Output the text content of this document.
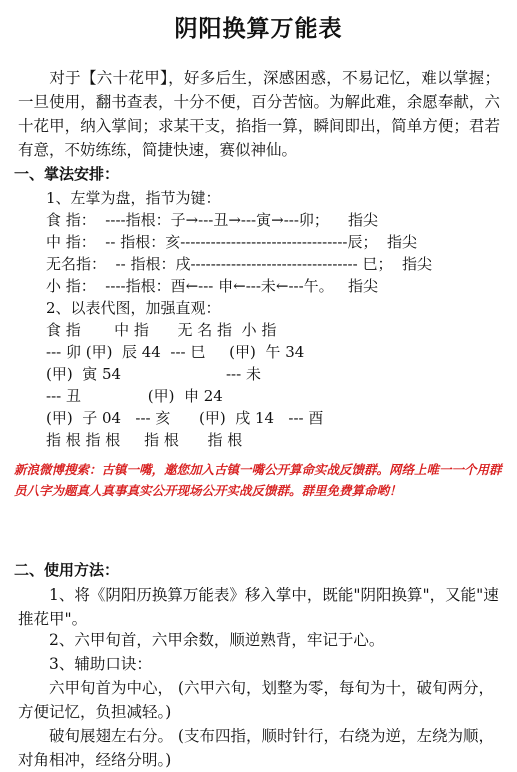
阴阳换算万能表
对于【六十花甲】，好多后生，深感困惑，不易记忆，难以掌握；一旦使用，翻书查表，十分不便，百分苦恼。为解此难，余愿奉献，六十花甲，纳入掌间；求某干支，掐指一算，瞬间即出，简单方便；君若有意，不妨练练，简捷快速，赛似神仙。
一、掌法安排：
1、左掌为盘，指节为键：
食 指：  ----指根：子→---丑→---寅→---卯；    指尖
中 指：  -- 指根：亥---------------------------------辰；  指尖
无名指：  -- 指根：戌--------------------------------- 巳；  指尖
小 指：  ----指根：酉←--- 申←---未←---午。   指尖
2、以表代图，加强直观：
食 指       中 指      无 名 指  小 指
--- 卯 (甲)  辰 44  --- 巳     (甲)  午 34
(甲)  寅 54                      --- 未
--- 丑              (甲)  申 24
(甲)  子 04   --- 亥      (甲)  戌 14   --- 酉
指 根 指 根     指 根      指 根
新浪微博搜索：古镇一嘴，邀您加入古镇一嘴公开算命实战反馈群。网络上唯一一个用群员八字为题真人真事真实公开现场公开实战反馈群。群里免费算命哟！
二、使用方法：
1、将《阴阳历换算万能表》移入掌中，既能"阴阳换算"，又能"速推花甲"。
2、六甲旬首，六甲余数，顺逆熟背，牢记于心。
3、辅助口诀：
六甲旬首为中心， (六甲六旬，划整为零，每旬为十，破旬两分，方便记忆，负担减轻。)
破旬展翅左右分。 (支布四指，顺时针行，右绕为逆，左绕为顺，对角相冲，经络分明。)
